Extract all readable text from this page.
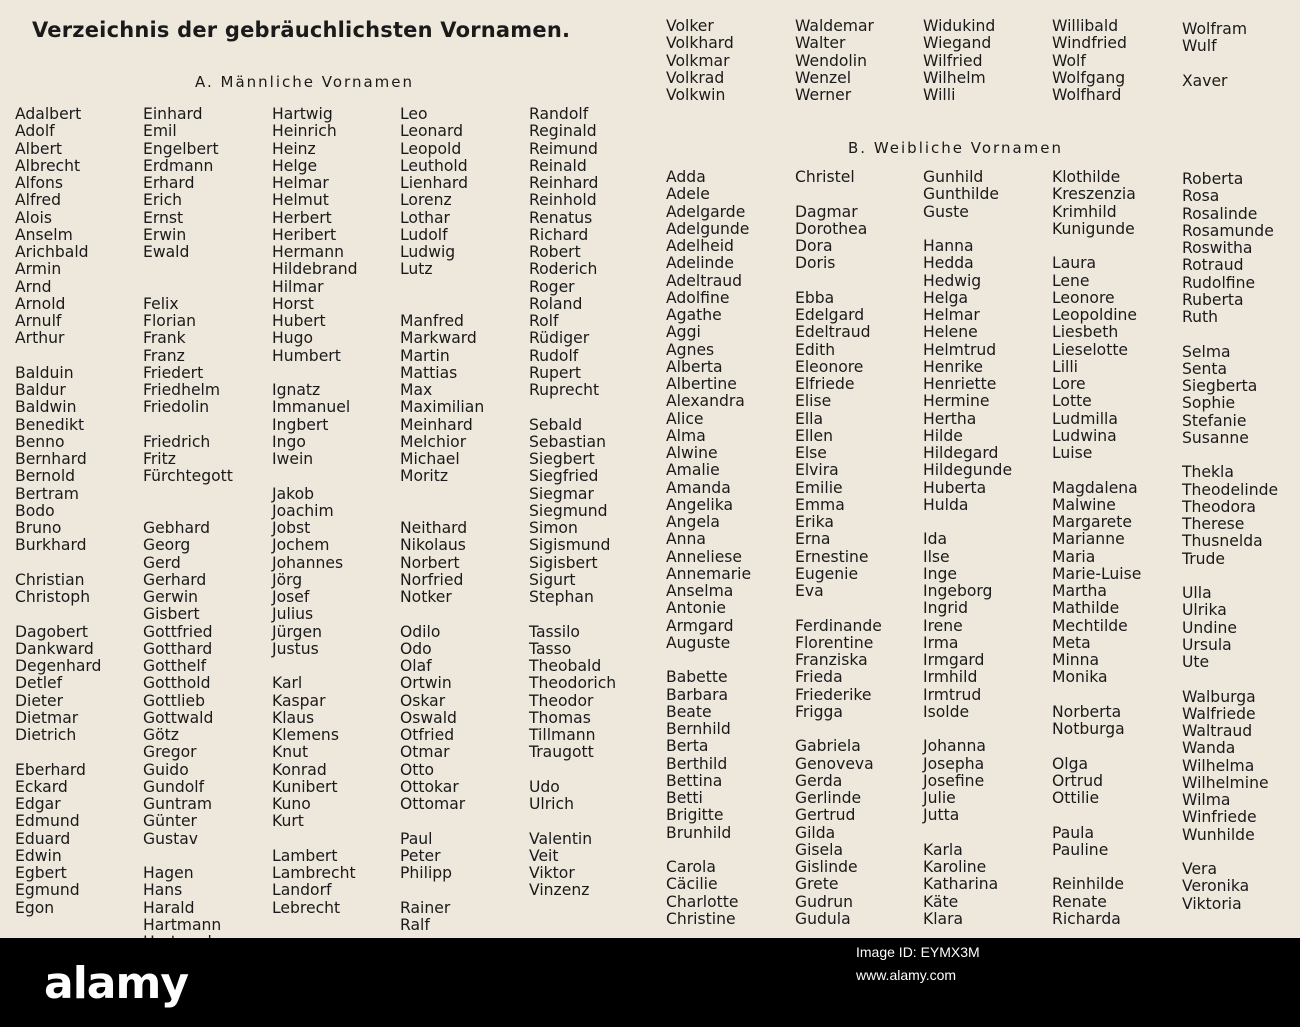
Verzeichnis der gebräuchlichsten Vornamen.
A. Männliche Vornamen
B. Weibliche Vornamen
Adalbert
Adolf
Albert
Albrecht
Alfons
Alfred
Alois
Anselm
Arichbald
Armin
Arnd
Arnold
Arnulf
Arthur
Balduin
Baldur
Baldwin
Benedikt
Benno
Bernhard
Bernold
Bertram
Bodo
Bruno
Burkhard
Christian
Christoph
Dagobert
Dankward
Degenhard
Detlef
Dieter
Dietmar
Dietrich
Eberhard
Eckard
Edgar
Edmund
Eduard
Edwin
Egbert
Egmund
Egon
Einhard
Emil
Engelbert
Erdmann
Erhard
Erich
Ernst
Erwin
Ewald
Felix
Florian
Frank
Franz
Friedert
Friedhelm
Friedolin
Friedrich
Fritz
Fürchtegott
Gebhard
Georg
Gerd
Gerhard
Gerwin
Gisbert
Gottfried
Gotthard
Gotthelf
Gotthold
Gottlieb
Gottwald
Götz
Gregor
Guido
Gundolf
Guntram
Günter
Gustav
Hagen
Hans
Harald
Hartmann
Hartwig
Heinrich
Heinz
Helge
Helmar
Helmut
Herbert
Heribert
Hermann
Hildebrand
Hilmar
Horst
Hubert
Hugo
Humbert
Ignatz
Immanuel
Ingbert
Ingo
Iwein
Jakob
Joachim
Jobst
Jochem
Johannes
Jörg
Josef
Julius
Jürgen
Justus
Karl
Kaspar
Klaus
Klemens
Knut
Konrad
Kunibert
Kuno
Kurt
Lambert
Lambrecht
Landorf
Lebrecht
Leo
Leonard
Leopold
Leuthold
Lienhard
Lorenz
Lothar
Ludolf
Ludwig
Lutz
Manfred
Markward
Martin
Mattias
Max
Maximilian
Meinhard
Melchior
Michael
Moritz
Neithard
Nikolaus
Norbert
Norfried
Notker
Odilo
Odo
Olaf
Ortwin
Oskar
Oswald
Otfried
Otmar
Otto
Ottokar
Ottomar
Paul
Peter
Philipp
Rainer
Ralf
Randolf
Reginald
Reimund
Reinald
Reinhard
Reinhold
Renatus
Richard
Robert
Roderich
Roger
Roland
Rolf
Rüdiger
Rudolf
Rupert
Ruprecht
Sebald
Sebastian
Siegbert
Siegfried
Siegmar
Siegmund
Simon
Sigismund
Sigisbert
Sigurt
Stephan
Tassilo
Tasso
Theobald
Theodorich
Theodor
Thomas
Tillmann
Traugott
Udo
Ulrich
Valentin
Veit
Viktor
Vinzenz
Volker
Volkhard
Volkmar
Volkrad
Volkwin
Waldemar
Walter
Wendolin
Wenzel
Werner
Widukind
Wiegand
Wilfried
Wilhelm
Willi
Willibald
Windfried
Wolf
Wolfgang
Wolfhard
Wolfram
Wulf
Xaver
Adda
Adele
Adelgarde
Adelgunde
Adelheid
Adelinde
Adeltraud
Adolfine
Agathe
Aggi
Agnes
Alberta
Albertine
Alexandra
Alice
Alma
Alwine
Amalie
Amanda
Angelika
Angela
Anna
Anneliese
Annemarie
Anselma
Antonie
Armgard
Auguste
Babette
Barbara
Beate
Bernhild
Berta
Berthild
Bettina
Betti
Brigitte
Brunhild
Carola
Cäcilie
Charlotte
Christine
Christel
Dagmar
Dorothea
Dora
Doris
Ebba
Edelgard
Edeltraud
Edith
Eleonore
Elfriede
Elise
Ella
Ellen
Else
Elvira
Emilie
Emma
Erika
Erna
Ernestine
Eugenie
Eva
Ferdinande
Florentine
Franziska
Frieda
Friederike
Frigga
Gabriela
Genoveva
Gerda
Gerlinde
Gertrud
Gilda
Gisela
Gislinde
Grete
Gudrun
Gudula
Gunhild
Gunthilde
Guste
Hanna
Hedda
Hedwig
Helga
Helmar
Helene
Helmtrud
Henrike
Henriette
Hermine
Hertha
Hilde
Hildegard
Hildegunde
Huberta
Hulda
Ida
Ilse
Inge
Ingeborg
Ingrid
Irene
Irma
Irmgard
Irmhild
Irmtrud
Isolde
Johanna
Josepha
Josefine
Julie
Jutta
Karla
Karoline
Katharina
Käte
Klara
Klothilde
Kreszenzia
Krimhild
Kunigunde
Laura
Lene
Leonore
Leopoldine
Liesbeth
Lieselotte
Lilli
Lore
Lotte
Ludmilla
Ludwina
Luise
Magdalena
Malwine
Margarete
Marianne
Maria
Marie-Luise
Martha
Mathilde
Mechtilde
Meta
Minna
Monika
Norberta
Notburga
Olga
Ortrud
Ottilie
Paula
Pauline
Reinhilde
Renate
Richarda
Roberta
Rosa
Rosalinde
Rosamunde
Roswitha
Rotraud
Rudolfine
Ruberta
Ruth
Selma
Senta
Siegberta
Sophie
Stefanie
Susanne
Thekla
Theodelinde
Theodora
Therese
Thusnelda
Trude
Ulla
Ulrika
Undine
Ursula
Ute
Walburga
Walfriede
Waltraud
Wanda
Wilhelma
Wilhelmine
Wilma
Winfriede
Wunhilde
Vera
Veronika
Viktoria
alamy
Image ID: EYMX3M
www.alamy.com
